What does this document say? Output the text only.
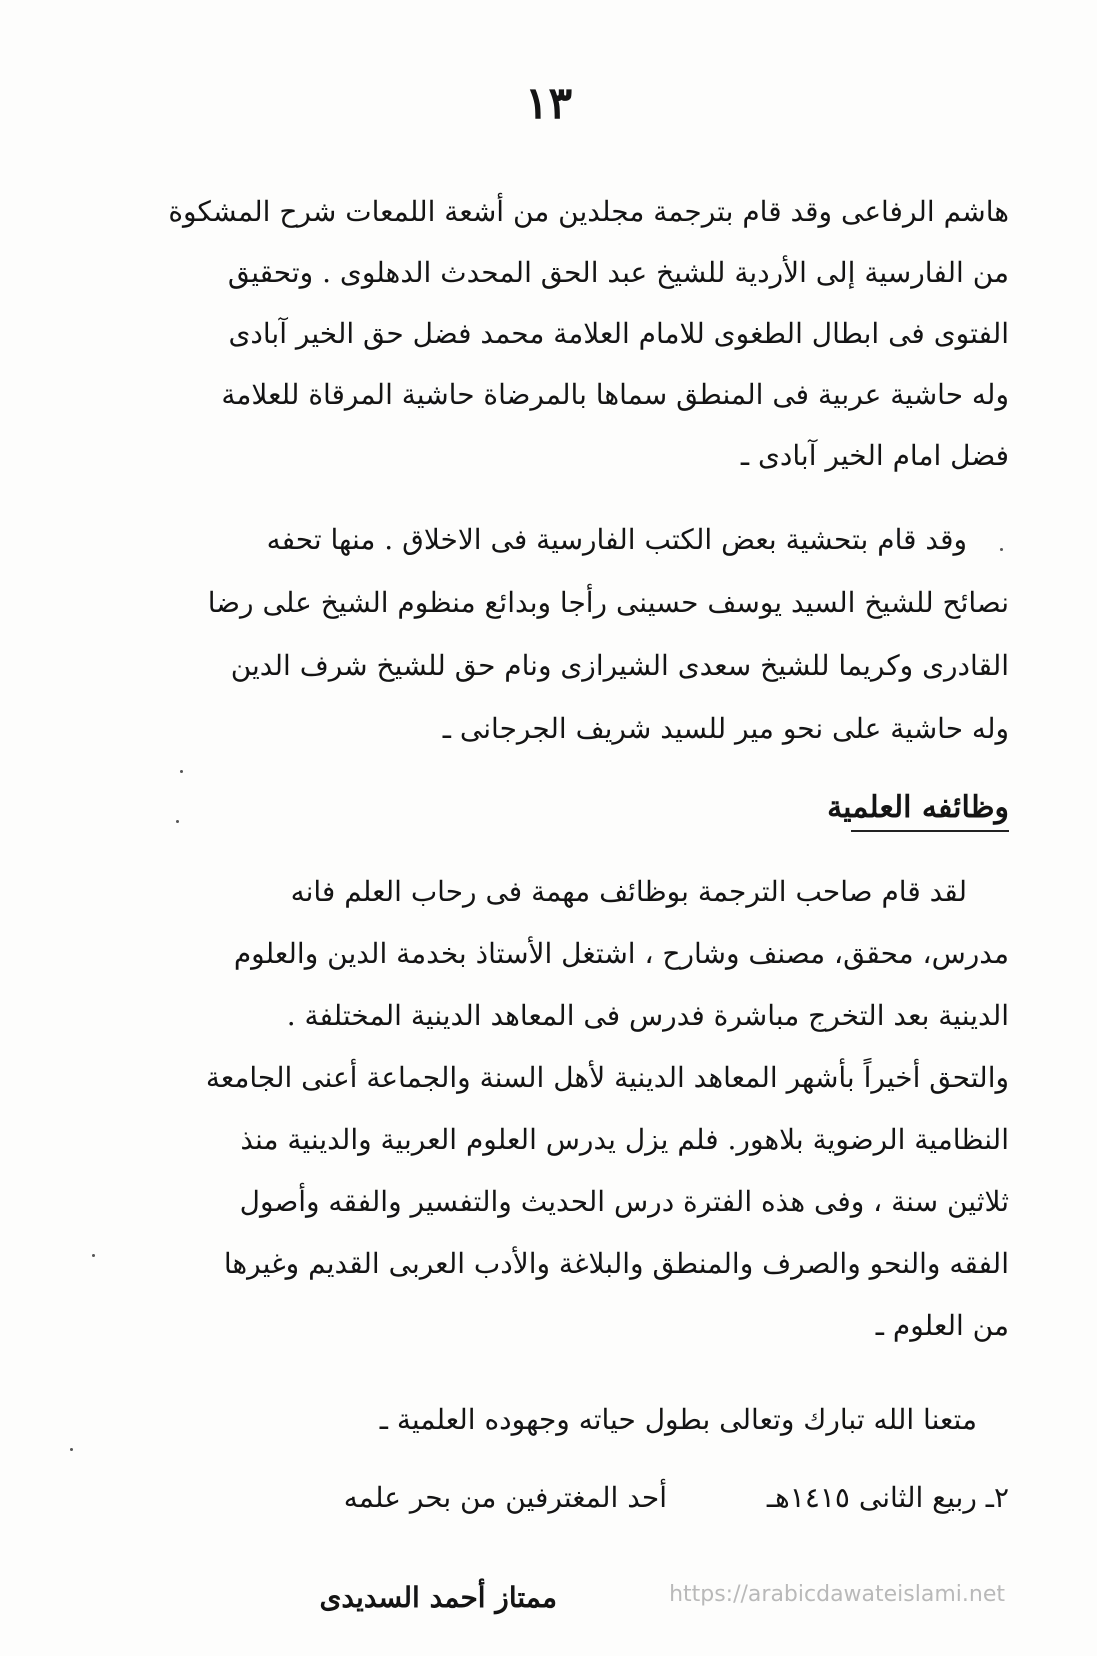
١٣
هاشم الرفاعی وقد قام بترجمة مجلدین من أشعة اللمعات شرح المشکوة
من الفارسیة إلی الأردیة للشیخ عبد الحق المحدث الدهلوی . وتحقیق
الفتوی فی ابطال الطغوی للامام العلامة محمد فضل حق الخیر آبادی
وله حاشیة عربیة فی المنطق سماها بالمرضاة حاشیة المرقاة للعلامة
فضل امام الخیر آبادی ـ
وقد قام بتحشیة بعض الکتب الفارسیة فی الاخلاق . منها تحفه
نصائح للشیخ السید یوسف حسینی رأجا وبدائع منظوم الشیخ علی رضا
القادری وکریما للشیخ سعدی الشیرازی ونام حق للشیخ شرف الدین
وله حاشیة علی نحو میر للسید شریف الجرجانی ـ
وظائفه العلمیة
لقد قام صاحب الترجمة بوظائف مهمة فی رحاب العلم فانه
مدرس، محقق، مصنف وشارح ، اشتغل الأستاذ بخدمة الدین والعلوم
الدینیة بعد التخرج مباشرة فدرس فی المعاهد الدینیة المختلفة .
والتحق أخیراً بأشهر المعاهد الدینیة لأهل السنة والجماعة أعنی الجامعة
النظامیة الرضویة بلاهور. فلم یزل یدرس العلوم العربیة والدینیة منذ
ثلاثین سنة ، وفی هذه الفترة درس الحدیث والتفسیر والفقه وأصول
الفقه والنحو والصرف والمنطق والبلاغة والأدب العربی القدیم وغیرها
من العلوم ـ
متعنا الله تبارك وتعالی بطول حیاته وجهوده العلمیة ـ
٢ـ ربیع الثانی ١٤١٥هـ
أحد المغترفین من بحر علمه
ممتاز أحمد السدیدی	https://arabicdawateislami.net
